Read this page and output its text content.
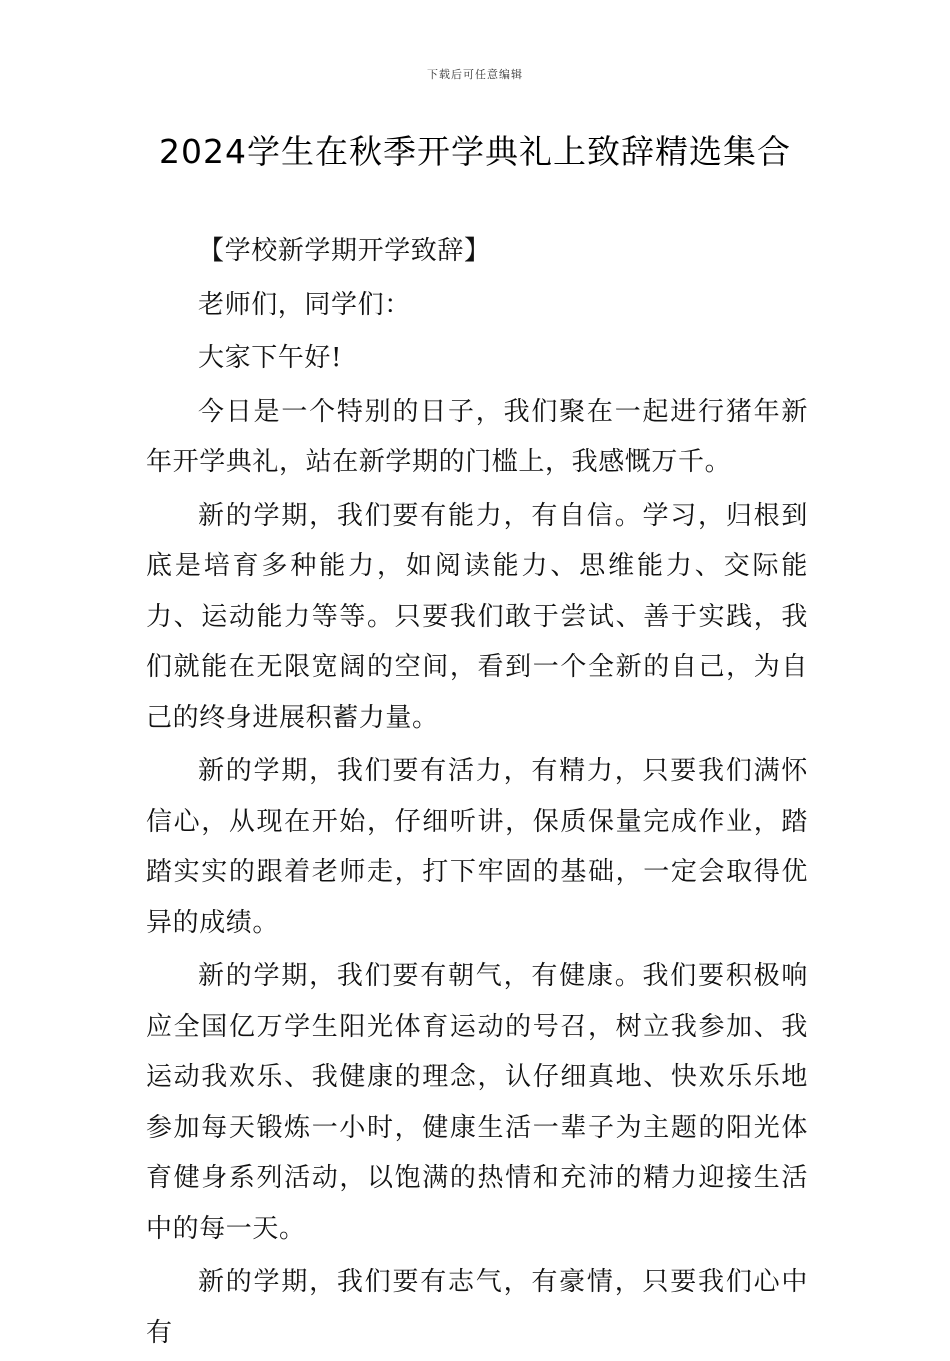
下载后可任意编辑
2024学生在秋季开学典礼上致辞精选集合

【学校新学期开学致辞】

老师们，同学们：

大家下午好!

今日是一个特别的日子，我们聚在一起进行猪年新年开学典礼，站在新学期的门槛上，我感慨万千。

新的学期，我们要有能力，有自信。学习，归根到底是培育多种能力，如阅读能力、思维能力、交际能力、运动能力等等。只要我们敢于尝试、善于实践，我们就能在无限宽阔的空间，看到一个全新的自己，为自己的终身进展积蓄力量。

新的学期，我们要有活力，有精力，只要我们满怀信心，从现在开始，仔细听讲，保质保量完成作业，踏踏实实的跟着老师走，打下牢固的基础，一定会取得优异的成绩。

新的学期，我们要有朝气，有健康。我们要积极响应全国亿万学生阳光体育运动的号召，树立我参加、我运动我欢乐、我健康的理念，认仔细真地、快欢乐乐地参加每天锻炼一小时，健康生活一辈子为主题的阳光体育健身系列活动，以饱满的热情和充沛的精力迎接生活中的每一天。

新的学期，我们要有志气，有豪情，只要我们心中有
